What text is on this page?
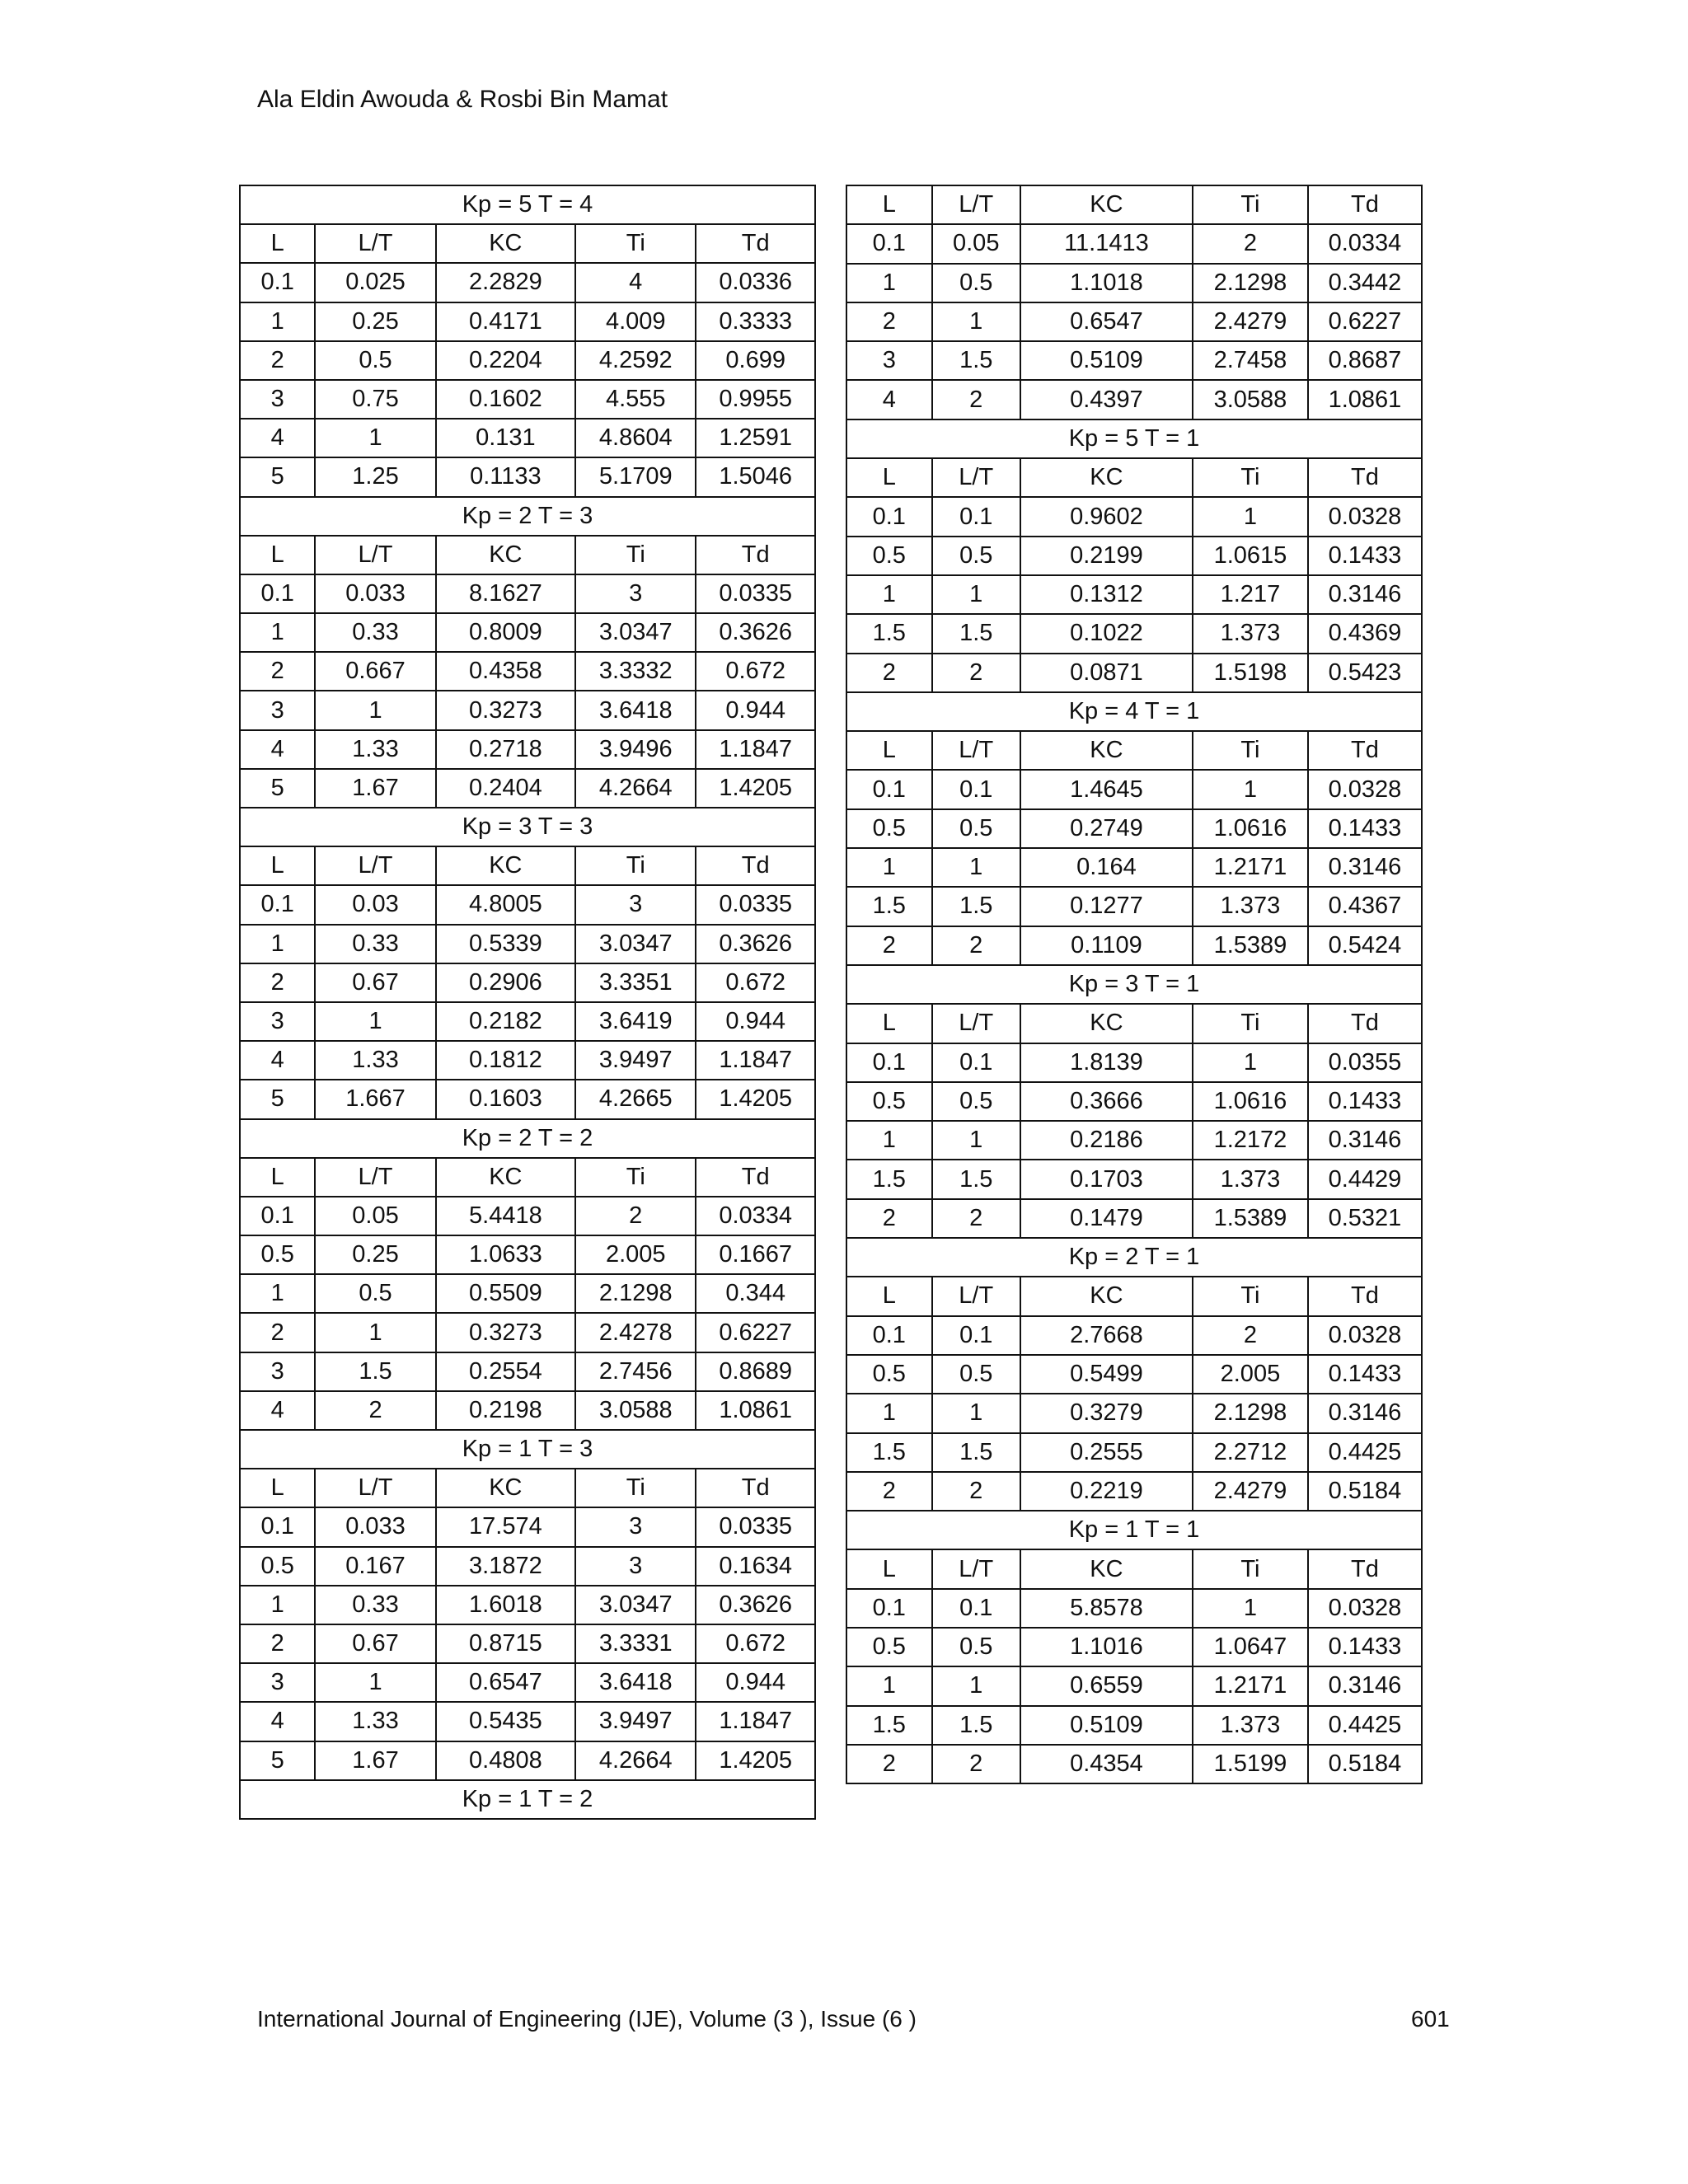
Ala Eldin Awouda & Rosbi Bin Mamat
Kp = 5 T = 4				
L	L/T	KC	Ti	Td
0.1	0.025	2.2829	4	0.0336
1	0.25	0.4171	4.009	0.3333
2	0.5	0.2204	4.2592	0.699
3	0.75	0.1602	4.555	0.9955
4	1	0.131	4.8604	1.2591
5	1.25	0.1133	5.1709	1.5046
Kp = 2 T = 3				
L	L/T	KC	Ti	Td
0.1	0.033	8.1627	3	0.0335
1	0.33	0.8009	3.0347	0.3626
2	0.667	0.4358	3.3332	0.672
3	1	0.3273	3.6418	0.944
4	1.33	0.2718	3.9496	1.1847
5	1.67	0.2404	4.2664	1.4205
Kp = 3 T = 3				
L	L/T	KC	Ti	Td
0.1	0.03	4.8005	3	0.0335
1	0.33	0.5339	3.0347	0.3626
2	0.67	0.2906	3.3351	0.672
3	1	0.2182	3.6419	0.944
4	1.33	0.1812	3.9497	1.1847
5	1.667	0.1603	4.2665	1.4205
Kp = 2 T = 2				
L	L/T	KC	Ti	Td
0.1	0.05	5.4418	2	0.0334
0.5	0.25	1.0633	2.005	0.1667
1	0.5	0.5509	2.1298	0.344
2	1	0.3273	2.4278	0.6227
3	1.5	0.2554	2.7456	0.8689
4	2	0.2198	3.0588	1.0861
Kp = 1 T = 3				
L	L/T	KC	Ti	Td
0.1	0.033	17.574	3	0.0335
0.5	0.167	3.1872	3	0.1634
1	0.33	1.6018	3.0347	0.3626
2	0.67	0.8715	3.3331	0.672
3	1	0.6547	3.6418	0.944
4	1.33	0.5435	3.9497	1.1847
5	1.67	0.4808	4.2664	1.4205
Kp = 1 T = 2				
L	L/T	KC	Ti	Td
0.1	0.05	11.1413	2	0.0334
1	0.5	1.1018	2.1298	0.3442
2	1	0.6547	2.4279	0.6227
3	1.5	0.5109	2.7458	0.8687
4	2	0.4397	3.0588	1.0861
Kp = 5 T = 1				
L	L/T	KC	Ti	Td
0.1	0.1	0.9602	1	0.0328
0.5	0.5	0.2199	1.0615	0.1433
1	1	0.1312	1.217	0.3146
1.5	1.5	0.1022	1.373	0.4369
2	2	0.0871	1.5198	0.5423
Kp = 4 T = 1				
L	L/T	KC	Ti	Td
0.1	0.1	1.4645	1	0.0328
0.5	0.5	0.2749	1.0616	0.1433
1	1	0.164	1.2171	0.3146
1.5	1.5	0.1277	1.373	0.4367
2	2	0.1109	1.5389	0.5424
Kp = 3 T = 1				
L	L/T	KC	Ti	Td
0.1	0.1	1.8139	1	0.0355
0.5	0.5	0.3666	1.0616	0.1433
1	1	0.2186	1.2172	0.3146
1.5	1.5	0.1703	1.373	0.4429
2	2	0.1479	1.5389	0.5321
Kp = 2 T = 1				
L	L/T	KC	Ti	Td
0.1	0.1	2.7668	2	0.0328
0.5	0.5	0.5499	2.005	0.1433
1	1	0.3279	2.1298	0.3146
1.5	1.5	0.2555	2.2712	0.4425
2	2	0.2219	2.4279	0.5184
Kp = 1 T = 1				
L	L/T	KC	Ti	Td
0.1	0.1	5.8578	1	0.0328
0.5	0.5	1.1016	1.0647	0.1433
1	1	0.6559	1.2171	0.3146
1.5	1.5	0.5109	1.373	0.4425
2	2	0.4354	1.5199	0.5184
International Journal of Engineering (IJE), Volume (3 ), Issue (6 )	601
